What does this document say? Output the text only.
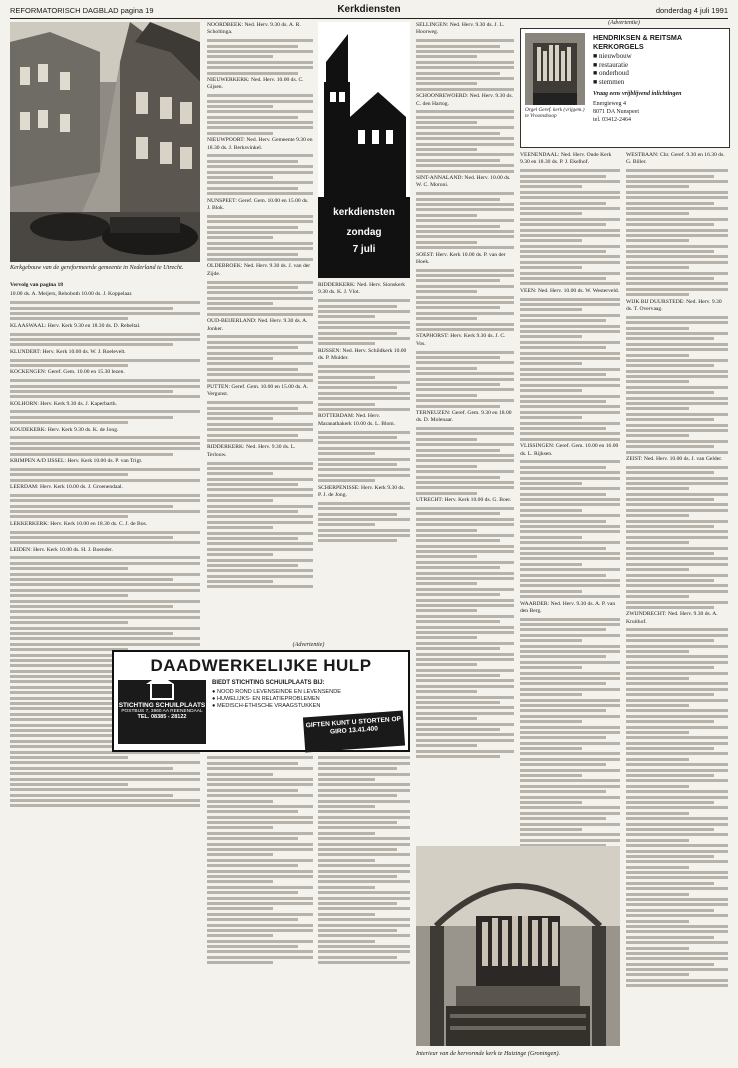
REFORMATORISCH DAGBLAD pagina 19	Kerkdiensten	donderdag 4 juli 1991
Kerkgebouw van de gereformeerde gemeente in Nederland te Utrecht.
Vervolg van pagina 18
10.00 ds. A. Meijers, Rehoboth 10.00 ds. J. Koppelaar.
KLAASWAAL: Herv. Kerk 9.30 en 18.30 ds. D. Rebeltal.
KLUNDERT: Herv. Kerk 10.00 ds. W. J. Roelevelt.
KOCKENGEN: Geref. Gem. 10.00 en 15.30 lezen.
KOLHORN: Herv. Kerk 9.30 ds. J. Kaperbarth.
KOUDEKERK: Herv. Kerk 9.30 ds. K. de Jong.
KRIMPEN A/D IJSSEL: Herv. Kerk 10.00 ds. P. van Trigt.
LEERDAM: Herv. Kerk 10.00 ds. J. Groenendaal.
LEKKERKERK: Herv. Kerk 10.00 en 18.30 ds. C. J. de Bos.
LEIDEN: Herv. Kerk 10.00 ds. H. J. Boender.
NOORDBEEK: Ned. Herv. 9.30 ds. A. R. Scholtinga.
NIEUWERKERK: Ned. Herv. 10.00 ds. C. Gijsen.
NIEUWPOORT: Ned. Herv. Gemeente 9.30 en 18.30 ds. J. Berksvinkel.
NUNSPEET: Geref. Gem. 10.00 en 15.00 ds. J. Blok.
OLDEBROEK: Ned. Herv. 9.30 ds. J. van der Zijde.
OUD-BEIJERLAND: Ned. Herv. 9.30 ds. A. Jonker.
PUTTEN: Geref. Gem. 10.00 en 15.00 ds. A. Vergunst.
RIDDERKERK: Ned. Herv. 9.30 ds. L. Terlouw.
kerkdiensten
zondag
7 juli
RIDDERKERK: Ned. Herv. Sionskerk 9.30 ds. K. J. Vlot.
RIJSSEN: Ned. Herv. Schildkerk 10.00 ds. P. Mulder.
ROTTERDAM: Ned. Herv. Maranathakerk 10.00 ds. L. Blom.
SCHERPENISSE: Herv. Kerk 9.30 ds. P. J. de Jong.
SELLINGEN: Ned. Herv. 9.30 ds. J. L. Hoorweg.
SCHOONREWOERD: Ned. Herv. 9.30 ds. C. den Hartog.
SINT-ANNALAND: Ned. Herv. 10.00 ds. W. C. Moroni.
SOEST: Herv. Kerk 10.00 ds. P. van der Hoek.
STAPHORST: Herv. Kerk 9.30 ds. J. C. Vos.
TERNEUZEN: Geref. Gem. 9.30 en 18.00 ds. D. Molenaar.
UTRECHT: Herv. Kerk 10.00 ds. G. Boer.
(Advertentie)
Orgel Geref. kerk (vrijgem.) te Vroomshoop
HENDRIKSEN & REITSMA
KERKORGELS
■ nieuwbouw
■ restauratie
■ onderhoud
■ stemmen
Vraag eens vrijblijvend inlichtingen
Energieweg 4
8071 DA Nunspeet
tel. 03412-2464
VEENENDAAL: Ned. Herv. Oude Kerk 9.30 en 18.30 ds. P. J. Ekelhof.
VEEN: Ned. Herv. 10.00 ds. W. Westerveld.
VLISSINGEN: Geref. Gem. 10.00 en 16.00 ds. L. Rijksen.
WAARDER: Ned. Herv. 9.30 ds. A. P. van den Berg.
WESTBAAN: Chr. Geref. 9.30 en 16.30 ds. G. Biller.
WIJK BIJ DUURSTEDE: Ned. Herv. 9.30 ds. T. Overvaag.
ZEIST: Ned. Herv. 10.00 ds. J. van Gelder.
ZWIJNDRECHT: Ned. Herv. 9.30 ds. A. Kruithof.
(Advertentie)
DAADWERKELIJKE HULP
STICHTING SCHUILPLAATS
POSTBUS 7, 3960 AA REENENDAAL
TEL. 08385 - 28122
BIEDT STICHTING SCHUILPLAATS BIJ:
● NOOD ROND LEVENSEINDE EN LEVENSENDE
● HUWELIJKS- EN RELATIEPROBLEMEN
● MEDISCH-ETHISCHE VRAAGSTUKKEN
GIFTEN KUNT U STORTEN OP GIRO 13.41.400
Interieur van de hervormde kerk te Huizinge (Groningen).
